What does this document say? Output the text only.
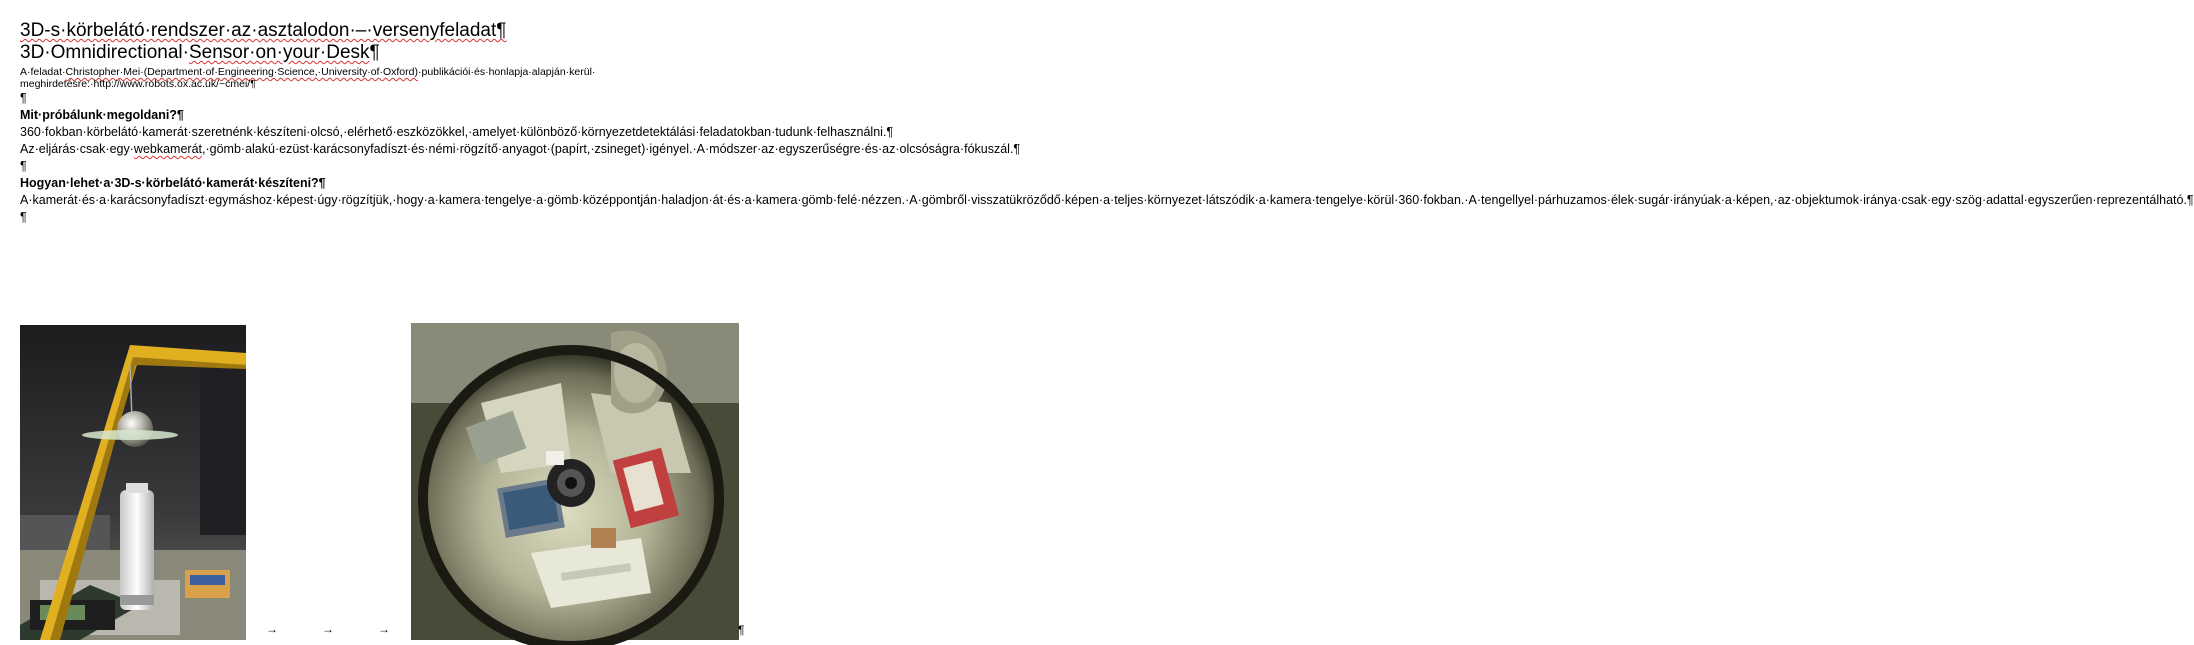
3D-s·körbelátó·rendszer·az·asztalodon·–·versenyfeladat¶

3D·Omnidirectional·Sensor·on·your·Desk¶

A·feladat·Christopher·Mei·(Department·of·Engineering·Science,·University·of·Oxford)·publikációi·és·honlapja·alapján·kerül·
meghirdetésre:·http://www.robots.ox.ac.uk/~cmei/¶

¶

Mit·próbálunk·megoldani?¶

360·fokban·körbelátó·kamerát·szeretnénk·készíteni·olcsó,·elérhető·eszközökkel,·amelyet·különböző·környezetdetektálási·feladatokban·tudunk·felhasználni.¶

Az·eljárás·csak·egy·webkamerát,·gömb·alakú·ezüst·karácsonyfadíszt·és·némi·rögzítő·anyagot·(papírt,·zsineget)·igényel.·A·módszer·az·egyszerűségre·és·az·olcsóságra·fókuszál.¶

¶

Hogyan·lehet·a·3D-s·körbelátó·kamerát·készíteni?¶

A·kamerát·és·a·karácsonyfadíszt·egymáshoz·képest·úgy·rögzítjük,·hogy·a·kamera·tengelye·a·gömb·középpontján·haladjon·át·és·a·kamera·gömb·felé·nézzen.·A·gömbről·visszatükröződő·képen·a·teljes·környezet·látszódik·a·kamera·tengelye·körül·360·fokban.·A·tengellyel·párhuzamos·élek·sugár·irányúak·a·képen,·az·objektumok·iránya·csak·egy·szög·adattal·egyszerűen·reprezentálható.¶

¶

→	→	→	¶
